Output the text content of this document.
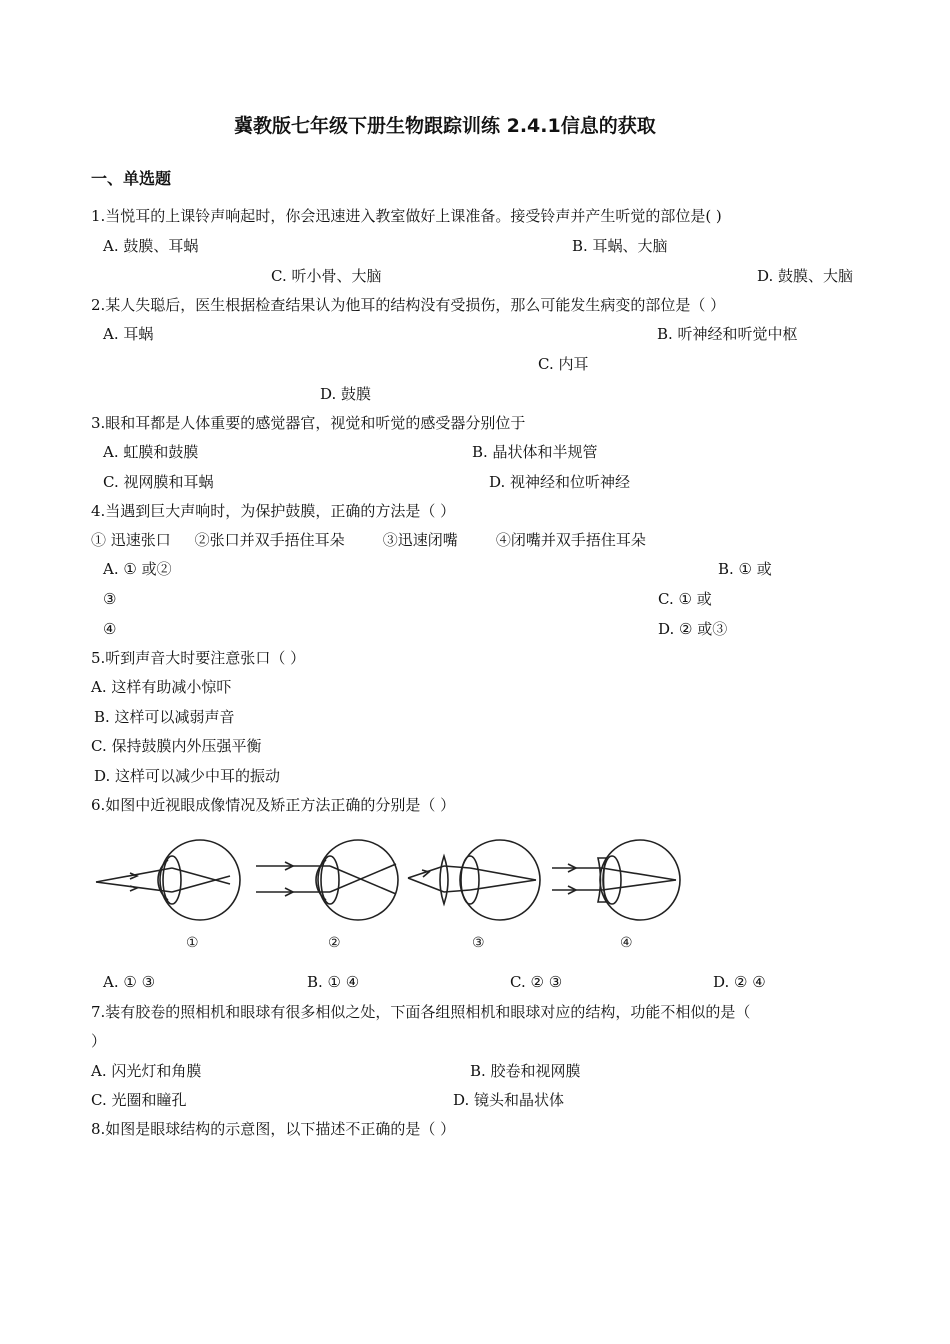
冀教版七年级下册生物跟踪训练 2.4.1信息的获取
一、单选题
1.当悦耳的上课铃声响起时，你会迅速进入教室做好上课准备。接受铃声并产生听觉的部位是( )
A. 鼓膜、耳蜗	B. 耳蜗、大脑
C. 听小骨、大脑	D. 鼓膜、大脑
2.某人失聪后，医生根据检查结果认为他耳的结构没有受损伤，那么可能发生病变的部位是（ ）
A. 耳蜗	B. 听神经和听觉中枢
C. 内耳
D. 鼓膜
3.眼和耳都是人体重要的感觉器官，视觉和听觉的感受器分别位于
A. 虹膜和鼓膜	B. 晶状体和半规管
C. 视网膜和耳蜗	D. 视神经和位听神经
4.当遇到巨大声响时，为保护鼓膜，正确的方法是（ ）
① 迅速张口     ②张口并双手捂住耳朵        ③迅速闭嘴        ④闭嘴并双手捂住耳朵
A. ① 或②	B. ① 或
③	C. ① 或
④	D. ② 或③
5.听到声音大时要注意张口（ ）
A. 这样有助减小惊吓
B. 这样可以减弱声音
C. 保持鼓膜内外压强平衡
D. 这样可以减少中耳的振动
6.如图中近视眼成像情况及矫正方法正确的分别是（ ）
①	②	③	④
A. ① ③	B. ① ④	C. ② ③	D. ② ④
7.装有胶卷的照相机和眼球有很多相似之处，下面各组照相机和眼球对应的结构，功能不相似的是（
）
A. 闪光灯和角膜	B. 胶卷和视网膜
C. 光圈和瞳孔	D. 镜头和晶状体
8.如图是眼球结构的示意图，以下描述不正确的是（ ）
